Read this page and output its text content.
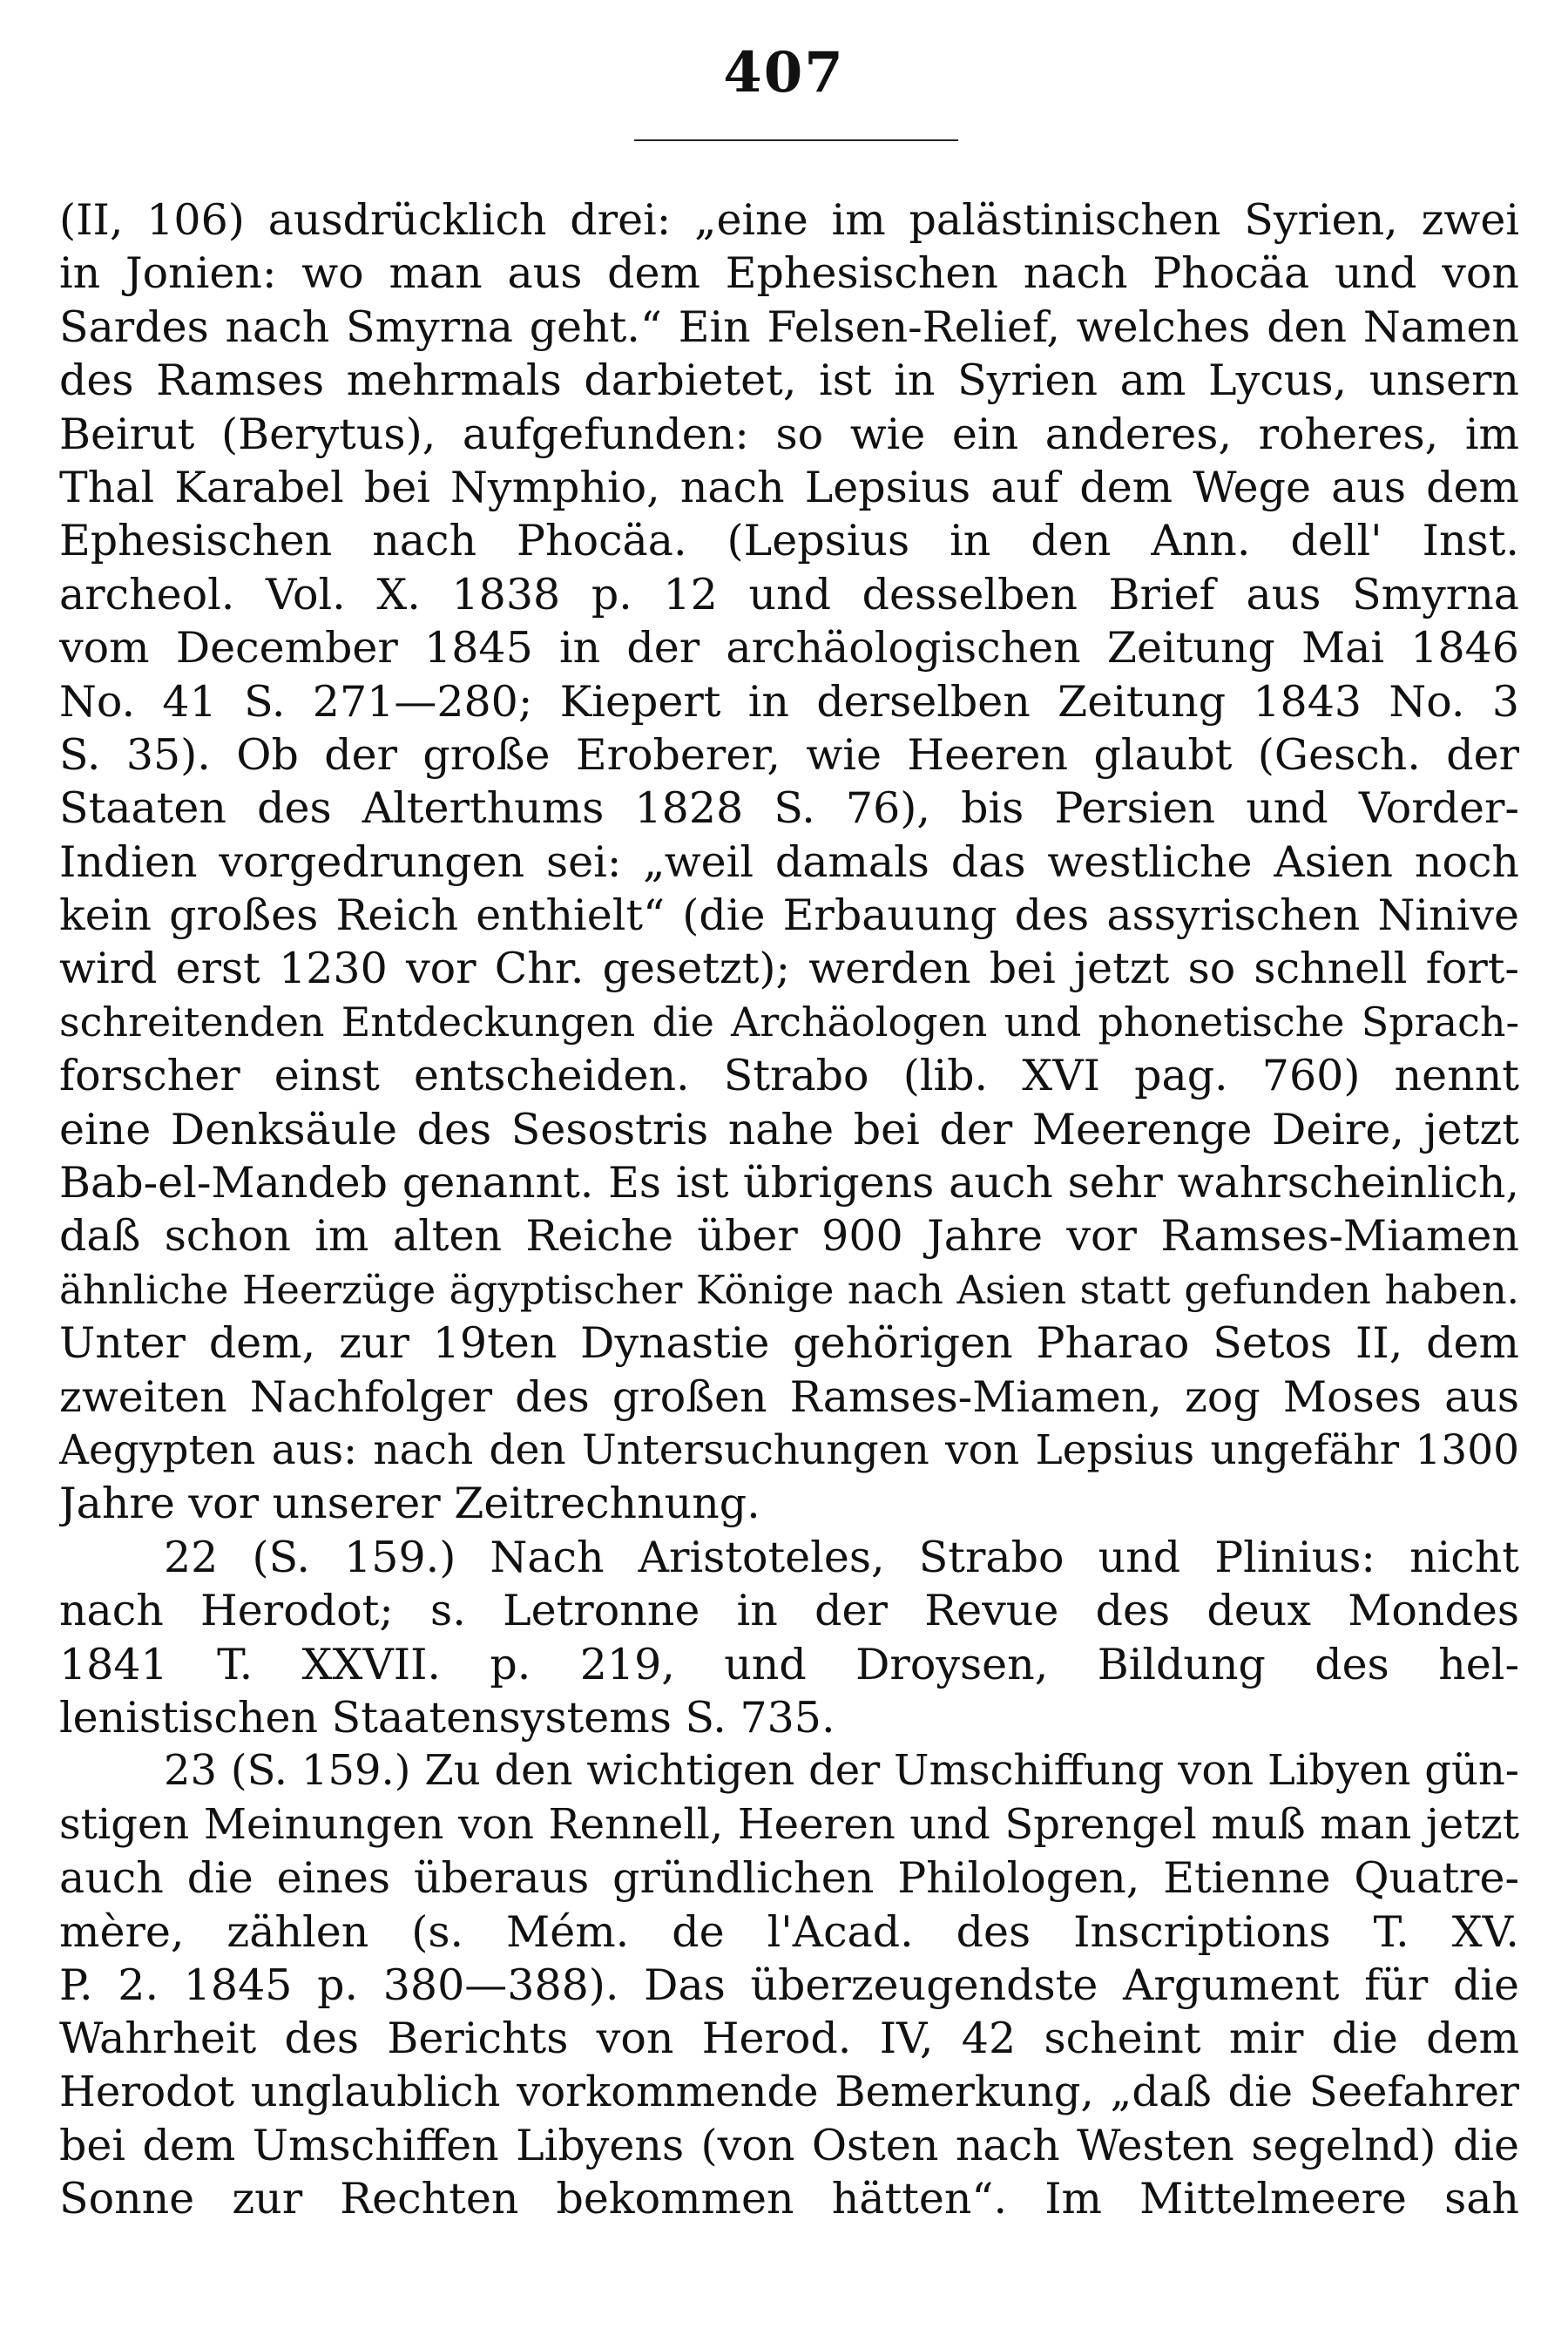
407
(II, 106) ausdrücklich drei: „eine im palästinischen Syrien, zwei
in Jonien: wo man aus dem Ephesischen nach Phocäa und von
Sardes nach Smyrna geht.“ Ein Felsen-Relief, welches den Namen
des Ramses mehrmals darbietet, ist in Syrien am Lycus, unsern
Beirut (Berytus), aufgefunden: so wie ein anderes, roheres, im
Thal Karabel bei Nymphio, nach Lepsius auf dem Wege aus dem
Ephesischen nach Phocäa. (Lepsius in den Ann. dell' Inst.
archeol. Vol. X. 1838 p. 12 und desselben Brief aus Smyrna
vom December 1845 in der archäologischen Zeitung Mai 1846
No. 41 S. 271—280; Kiepert in derselben Zeitung 1843 No. 3
S. 35). Ob der große Eroberer, wie Heeren glaubt (Gesch. der
Staaten des Alterthums 1828 S. 76), bis Persien und Vorder-
Indien vorgedrungen sei: „weil damals das westliche Asien noch
kein großes Reich enthielt“ (die Erbauung des assyrischen Ninive
wird erst 1230 vor Chr. gesetzt); werden bei jetzt so schnell fort-
schreitenden Entdeckungen die Archäologen und phonetische Sprach-
forscher einst entscheiden. Strabo (lib. XVI pag. 760) nennt
eine Denksäule des Sesostris nahe bei der Meerenge Deire, jetzt
Bab-el-Mandeb genannt. Es ist übrigens auch sehr wahrscheinlich,
daß schon im alten Reiche über 900 Jahre vor Ramses-Miamen
ähnliche Heerzüge ägyptischer Könige nach Asien statt gefunden haben.
Unter dem, zur 19ten Dynastie gehörigen Pharao Setos II, dem
zweiten Nachfolger des großen Ramses-Miamen, zog Moses aus
Aegypten aus: nach den Untersuchungen von Lepsius ungefähr 1300
Jahre vor unserer Zeitrechnung.
22 (S. 159.) Nach Aristoteles, Strabo und Plinius: nicht
nach Herodot; s. Letronne in der Revue des deux Mondes
1841 T. XXVII. p. 219, und Droysen, Bildung des hel-
lenistischen Staatensystems S. 735.
23 (S. 159.) Zu den wichtigen der Umschiffung von Libyen gün-
stigen Meinungen von Rennell, Heeren und Sprengel muß man jetzt
auch die eines überaus gründlichen Philologen, Etienne Quatre-
mère, zählen (s. Mém. de l'Acad. des Inscriptions T. XV.
P. 2. 1845 p. 380—388). Das überzeugendste Argument für die
Wahrheit des Berichts von Herod. IV, 42 scheint mir die dem
Herodot unglaublich vorkommende Bemerkung, „daß die Seefahrer
bei dem Umschiffen Libyens (von Osten nach Westen segelnd) die
Sonne zur Rechten bekommen hätten“. Im Mittelmeere sah
